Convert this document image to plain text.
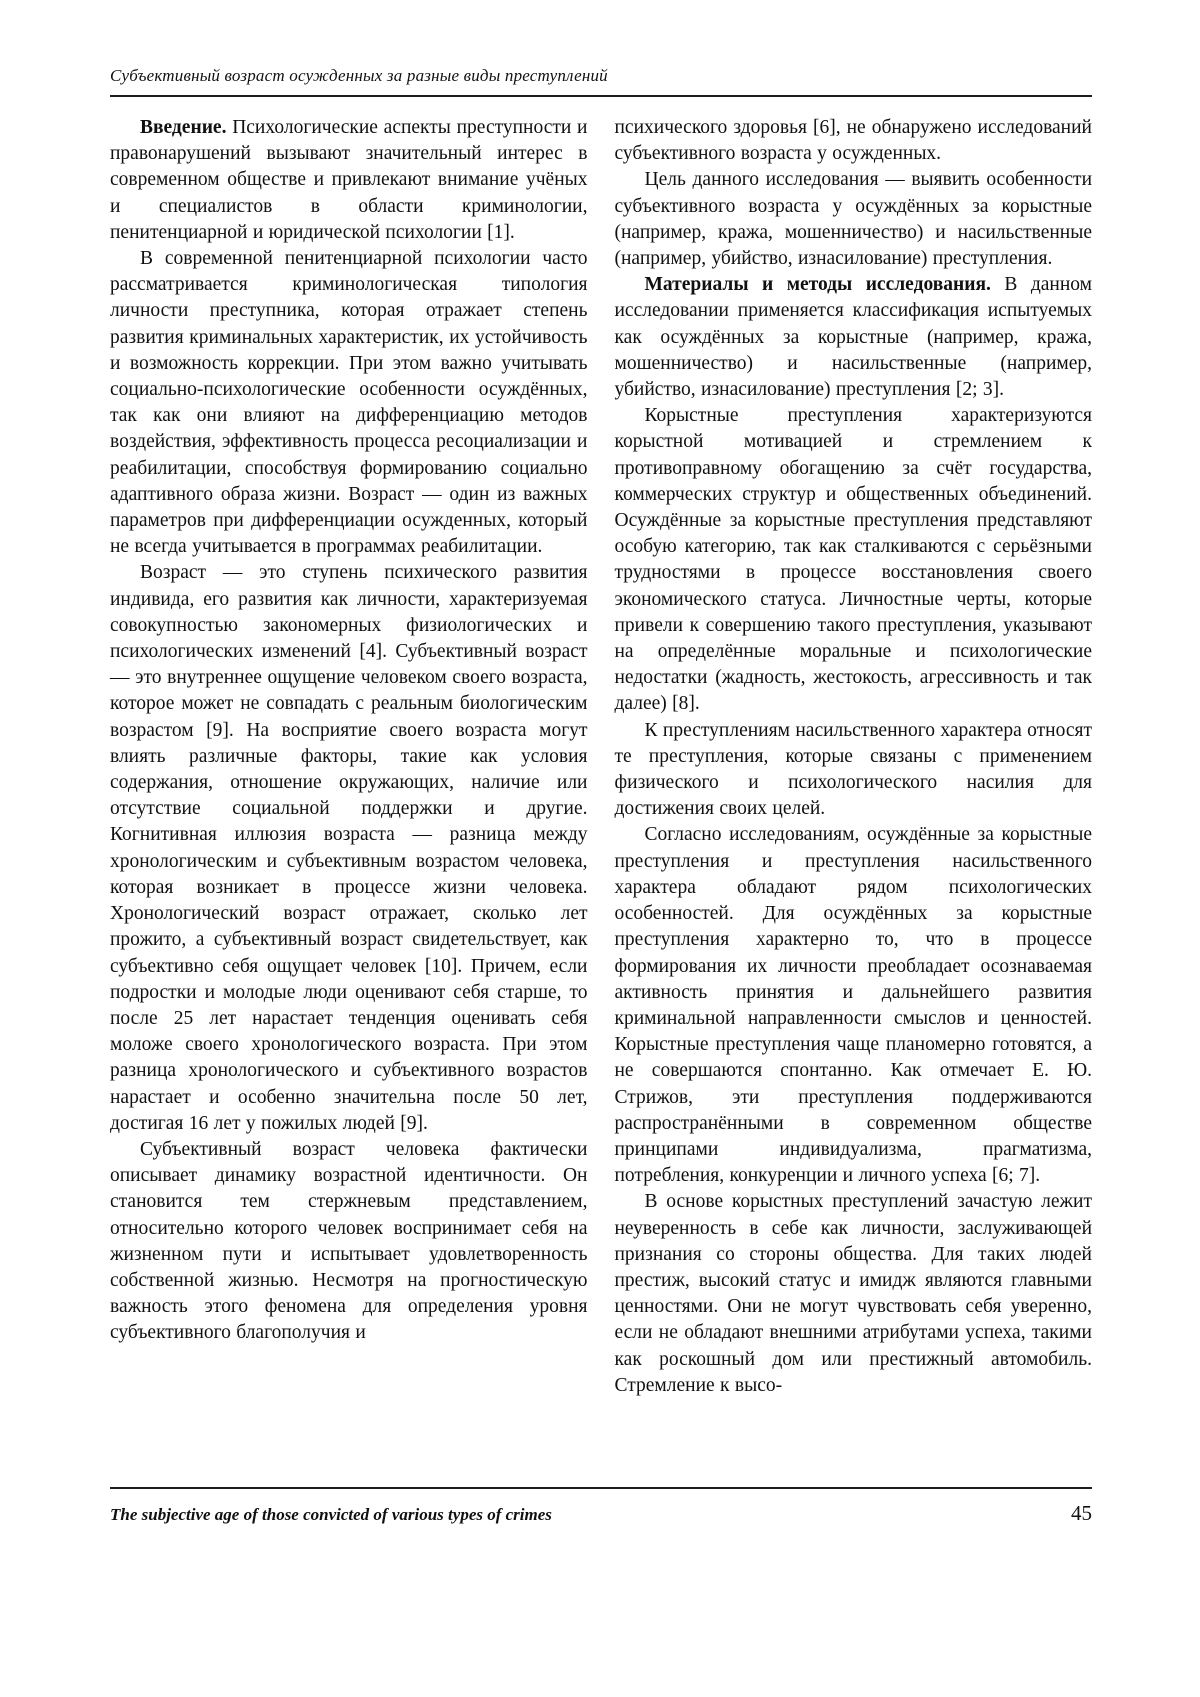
Субъективный возраст осужденных за разные виды преступлений

Введение. Психологические аспекты преступности и правонарушений вызывают значительный интерес в современном обществе и привлекают внимание учёных и специалистов в области криминологии, пенитенциарной и юридической психологии [1].

В современной пенитенциарной психологии часто рассматривается криминологическая типология личности преступника, которая отражает степень развития криминальных характеристик, их устойчивость и возможность коррекции. При этом важно учитывать социально-психологические особенности осуждённых, так как они влияют на дифференциацию методов воздействия, эффективность процесса ресоциализации и реабилитации, способствуя формированию социально адаптивного образа жизни. Возраст — один из важных параметров при дифференциации осужденных, который не всегда учитывается в программах реабилитации.

Возраст — это ступень психического развития индивида, его развития как личности, характеризуемая совокупностью закономерных физиологических и психологических изменений [4]. Субъективный возраст — это внутреннее ощущение человеком своего возраста, которое может не совпадать с реальным биологическим возрастом [9]. На восприятие своего возраста могут влиять различные факторы, такие как условия содержания, отношение окружающих, наличие или отсутствие социальной поддержки и другие. Когнитивная иллюзия возраста — разница между хронологическим и субъективным возрастом человека, которая возникает в процессе жизни человека. Хронологический возраст отражает, сколько лет прожито, а субъективный возраст свидетельствует, как субъективно себя ощущает человек [10]. Причем, если подростки и молодые люди оценивают себя старше, то после 25 лет нарастает тенденция оценивать себя моложе своего хронологического возраста. При этом разница хронологического и субъективного возрастов нарастает и особенно значительна после 50 лет, достигая 16 лет у пожилых людей [9].

Субъективный возраст человека фактически описывает динамику возрастной идентичности. Он становится тем стержневым представлением, относительно которого человек воспринимает себя на жизненном пути и испытывает удовлетворенность собственной жизнью. Несмотря на прогностическую важность этого феномена для определения уровня субъективного благополучия и

психического здоровья [6], не обнаружено исследований субъективного возраста у осужденных.

Цель данного исследования — выявить особенности субъективного возраста у осуждённых за корыстные (например, кража, мошенничество) и насильственные (например, убийство, изнасилование) преступления.

Материалы и методы исследования. В данном исследовании применяется классификация испытуемых как осуждённых за корыстные (например, кража, мошенничество) и насильственные (например, убийство, изнасилование) преступления [2; 3].

Корыстные преступления характеризуются корыстной мотивацией и стремлением к противоправному обогащению за счёт государства, коммерческих структур и общественных объединений. Осуждённые за корыстные преступления представляют особую категорию, так как сталкиваются с серьёзными трудностями в процессе восстановления своего экономического статуса. Личностные черты, которые привели к совершению такого преступления, указывают на определённые моральные и психологические недостатки (жадность, жестокость, агрессивность и так далее) [8].

К преступлениям насильственного характера относят те преступления, которые связаны с применением физического и психологического насилия для достижения своих целей.

Согласно исследованиям, осуждённые за корыстные преступления и преступления насильственного характера обладают рядом психологических особенностей. Для осуждённых за корыстные преступления характерно то, что в процессе формирования их личности преобладает осознаваемая активность принятия и дальнейшего развития криминальной направленности смыслов и ценностей. Корыстные преступления чаще планомерно готовятся, а не совершаются спонтанно. Как отмечает Е. Ю. Стрижов, эти преступления поддерживаются распространёнными в современном обществе принципами индивидуализма, прагматизма, потребления, конкуренции и личного успеха [6; 7].

В основе корыстных преступлений зачастую лежит неуверенность в себе как личности, заслуживающей признания со стороны общества. Для таких людей престиж, высокий статус и имидж являются главными ценностями. Они не могут чувствовать себя уверенно, если не обладают внешними атрибутами успеха, такими как роскошный дом или престижный автомобиль. Стремление к высо-

The subjective age of those convicted of various types of crimes	45
